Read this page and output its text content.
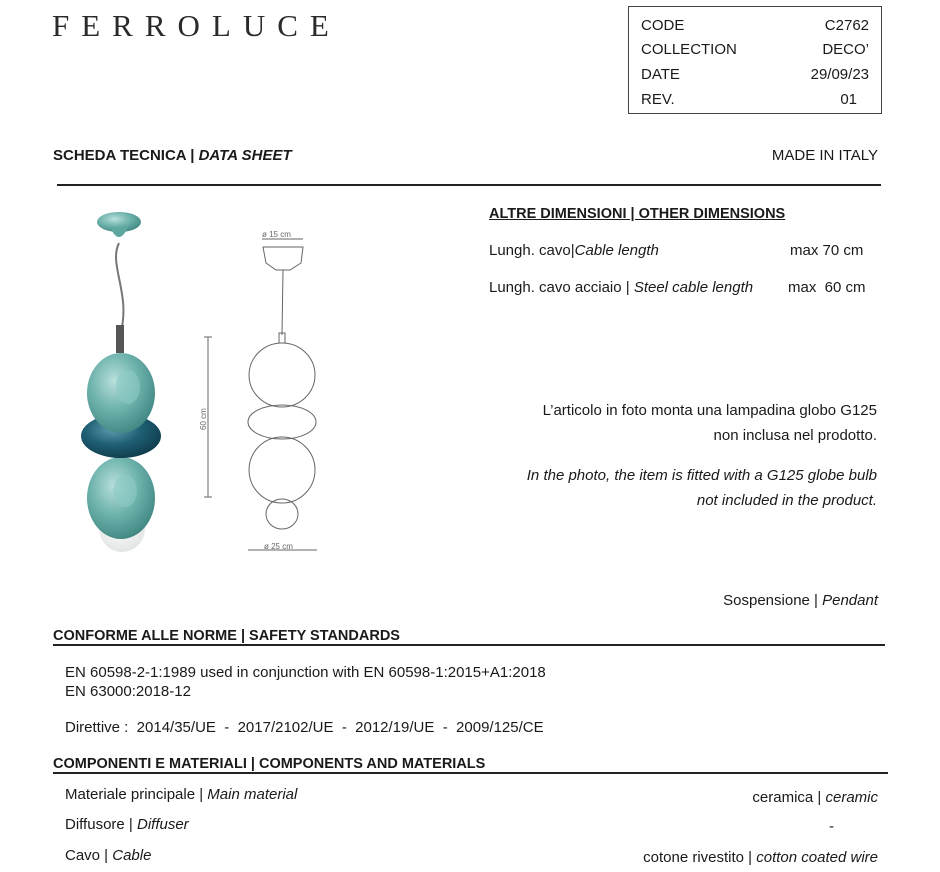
FERROLUCE	CODE	C2762
COLLECTION	DECO’
DATE	29/09/23
REV.	01
SCHEDA TECNICA | DATA SHEET	MADE IN ITALY
ø 15 cm
ø 25 cm
60 cm
ALTRE DIMENSIONI | OTHER DIMENSIONS
Lungh. cavo|Cable length	max 70 cm
Lungh. cavo acciaio | Steel cable length max  60 cm
L’articolo in foto monta una lampadina globo G125
non inclusa nel prodotto.
In the photo, the item is fitted with a G125 globe bulb
not included in the product.
Sospensione | Pendant
CONFORME ALLE NORME | SAFETY STANDARDS
EN 60598-2-1:1989 used in conjunction with EN 60598-1:2015+A1:2018
EN 63000:2018-12
Direttive :  2014/35/UE  -  2017/2102/UE  -  2012/19/UE  -  2009/125/CE
COMPONENTI E MATERIALI | COMPONENTS AND MATERIALS
Materiale principale | Main material	ceramica | ceramic
Diffusore | Diffuser	-
Cavo | Cable	cotone rivestito | cotton coated wire
